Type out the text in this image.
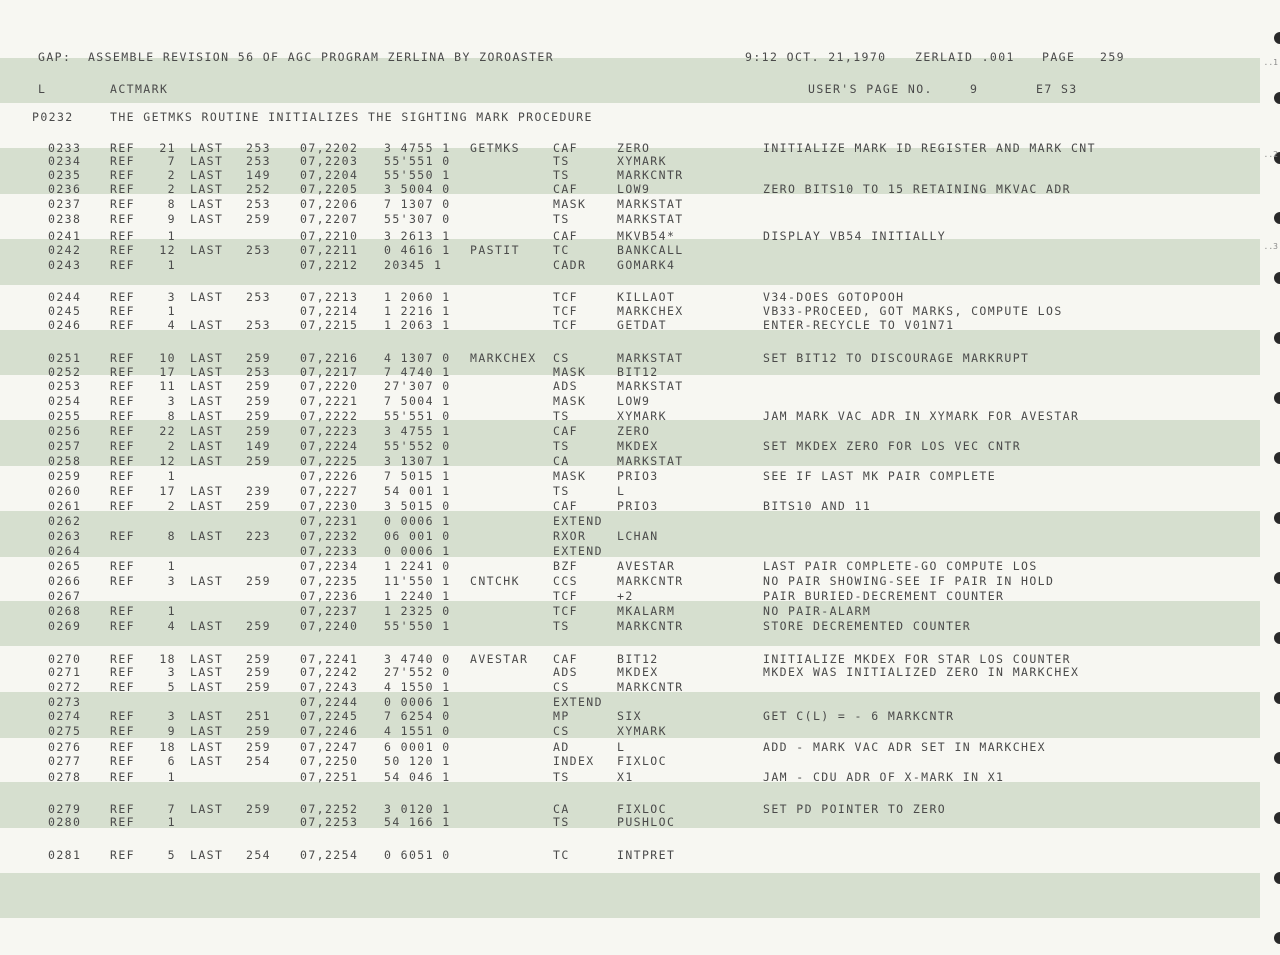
..1
..2
..3
GAP:  ASSEMBLE REVISION 56 OF AGC PROGRAM ZERLINA BY ZOROASTER	9:12 OCT. 21,1970 ZERLAID .001 PAGE 259
L	ACTMARK	USER'S PAGE NO.	9	E7 S3
P0232	THE GETMKS ROUTINE INITIALIZES THE SIGHTING MARK PROCEDURE
0233 REF 21 LAST 253	07,2202 3 4755 1 GETMKS	CAF	ZERO	INITIALIZE MARK ID REGISTER AND MARK CNT
0234 REF	7 LAST 253	07,2203 55'551 0	TS	XYMARK
0235 REF	2 LAST 149	07,2204 55'550 1	TS	MARKCNTR
0236 REF	2 LAST 252	07,2205 3 5004 0	CAF	LOW9	ZERO BITS10 TO 15 RETAINING MKVAC ADR
0237 REF	8 LAST 253	07,2206 7 1307 0	MASK	MARKSTAT
0238 REF	9 LAST 259	07,2207 55'307 0	TS	MARKSTAT
0241 REF	1	07,2210 3 2613 1	CAF	MKVB54*	DISPLAY VB54 INITIALLY
0242 REF 12 LAST 253	07,2211 0 4616 1 PASTIT	TC	BANKCALL
0243 REF	1	07,2212 20345 1	CADR	GOMARK4
0244 REF	3 LAST 253	07,2213 1 2060 1	TCF	KILLAOT	V34-DOES GOTOPOOH
0245 REF	1	07,2214 1 2216 1	TCF	MARKCHEX	VB33-PROCEED, GOT MARKS, COMPUTE LOS
0246 REF	4 LAST 253	07,2215 1 2063 1	TCF	GETDAT	ENTER-RECYCLE TO V01N71
0251 REF 10 LAST 259	07,2216 4 1307 0 MARKCHEX CS	MARKSTAT	SET BIT12 TO DISCOURAGE MARKRUPT
0252 REF 17 LAST 253	07,2217 7 4740 1	MASK	BIT12
0253 REF 11 LAST 259	07,2220 27'307 0	ADS	MARKSTAT
0254 REF	3 LAST 259	07,2221 7 5004 1	MASK	LOW9
0255 REF	8 LAST 259	07,2222 55'551 0	TS	XYMARK	JAM MARK VAC ADR IN XYMARK FOR AVESTAR
0256 REF 22 LAST 259	07,2223 3 4755 1	CAF	ZERO
0257 REF	2 LAST 149	07,2224 55'552 0	TS	MKDEX	SET MKDEX ZERO FOR LOS VEC CNTR
0258 REF 12 LAST 259	07,2225 3 1307 1	CA	MARKSTAT
0259 REF	1	07,2226 7 5015 1	MASK	PRIO3	SEE IF LAST MK PAIR COMPLETE
0260 REF 17 LAST 239	07,2227 54 001 1	TS	L
0261 REF	2 LAST 259	07,2230 3 5015 0	CAF	PRIO3	BITS10 AND 11
0262	07,2231 0 0006 1	EXTEND
0263 REF	8 LAST 223	07,2232 06 001 0	RXOR	LCHAN
0264	07,2233 0 0006 1	EXTEND
0265 REF	1	07,2234 1 2241 0	BZF	AVESTAR	LAST PAIR COMPLETE-GO COMPUTE LOS
0266 REF	3 LAST 259	07,2235 11'550 1 CNTCHK	CCS	MARKCNTR	NO PAIR SHOWING-SEE IF PAIR IN HOLD
0267	07,2236 1 2240 1	TCF	+2	PAIR BURIED-DECREMENT COUNTER
0268 REF	1	07,2237 1 2325 0	TCF	MKALARM	NO PAIR-ALARM
0269 REF	4 LAST 259	07,2240 55'550 1	TS	MARKCNTR	STORE DECREMENTED COUNTER
0270 REF 18 LAST 259	07,2241 3 4740 0 AVESTAR CAF	BIT12	INITIALIZE MKDEX FOR STAR LOS COUNTER
0271 REF	3 LAST 259	07,2242 27'552 0	ADS	MKDEX	MKDEX WAS INITIALIZED ZERO IN MARKCHEX
0272 REF	5 LAST 259	07,2243 4 1550 1	CS	MARKCNTR
0273	07,2244 0 0006 1	EXTEND
0274 REF	3 LAST 251	07,2245 7 6254 0	MP	SIX	GET C(L) = - 6 MARKCNTR
0275 REF	9 LAST 259	07,2246 4 1551 0	CS	XYMARK
0276 REF 18 LAST 259	07,2247 6 0001 0	AD	L	ADD - MARK VAC ADR SET IN MARKCHEX
0277 REF	6 LAST 254	07,2250 50 120 1	INDEX FIXLOC
0278 REF	1	07,2251 54 046 1	TS	X1	JAM - CDU ADR OF X-MARK IN X1
0279 REF	7 LAST 259	07,2252 3 0120 1	CA	FIXLOC	SET PD POINTER TO ZERO
0280 REF	1	07,2253 54 166 1	TS	PUSHLOC
0281 REF	5 LAST 254	07,2254 0 6051 0	TC	INTPRET
